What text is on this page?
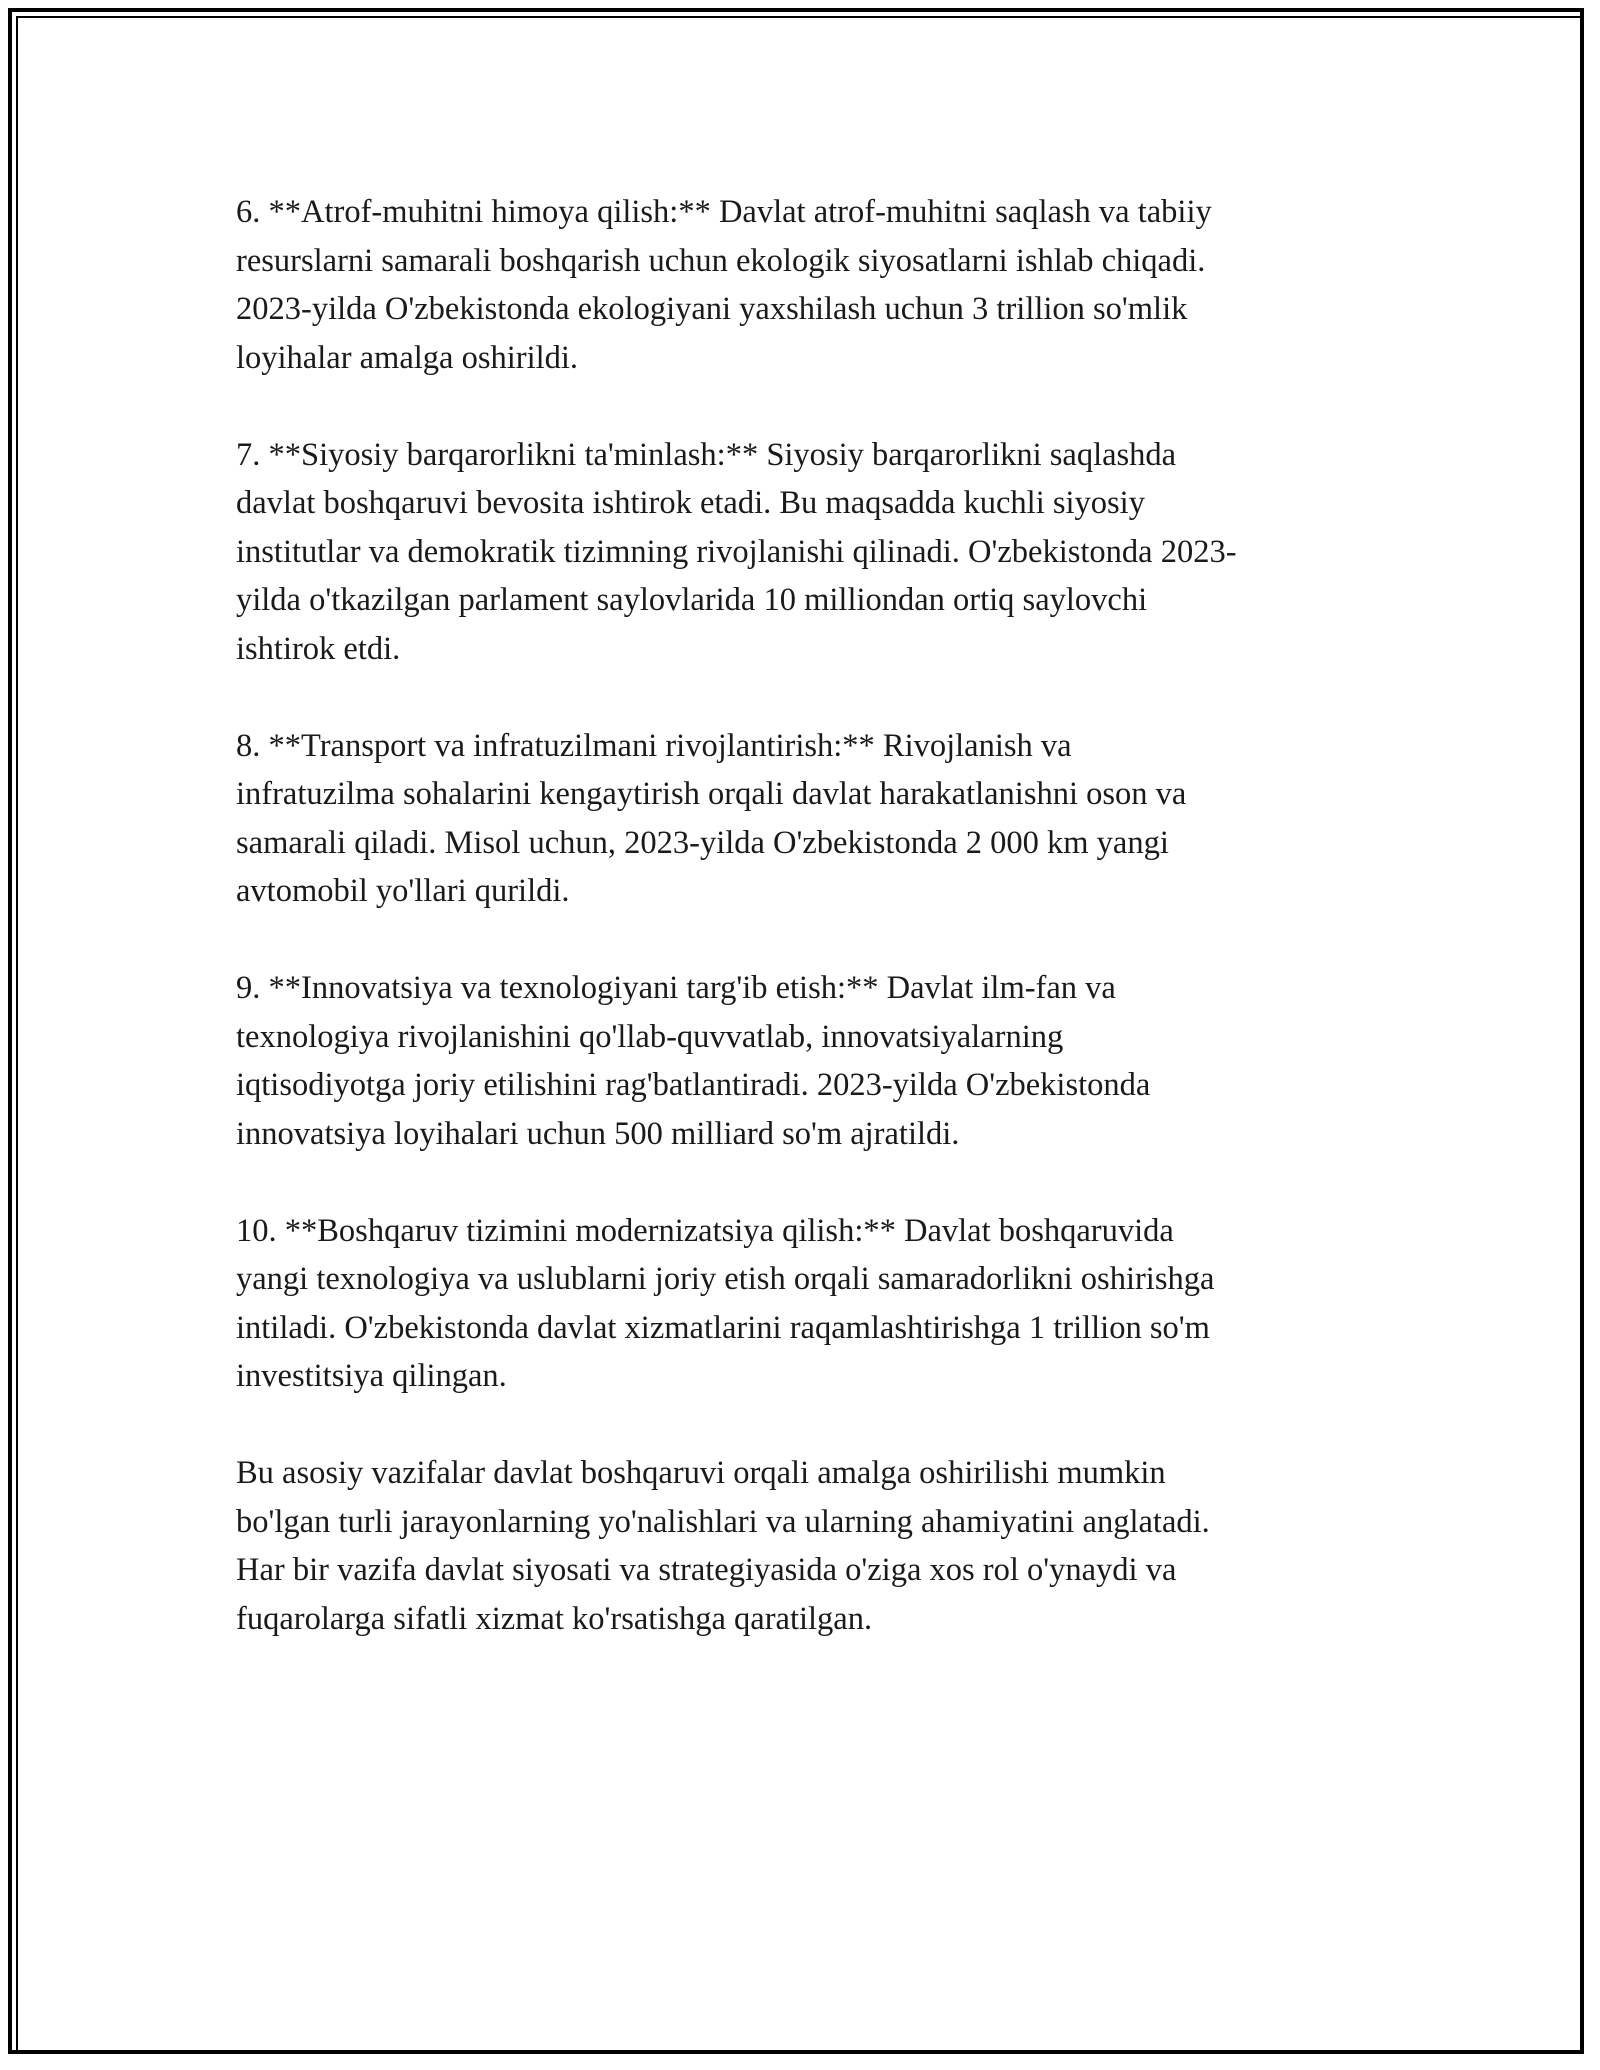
6. **Atrof-muhitni himoya qilish:** Davlat atrof-muhitni saqlash va tabiiy
resurslarni samarali boshqarish uchun ekologik siyosatlarni ishlab chiqadi.
2023-yilda O'zbekistonda ekologiyani yaxshilash uchun 3 trillion so'mlik
loyihalar amalga oshirildi.

7. **Siyosiy barqarorlikni ta'minlash:** Siyosiy barqarorlikni saqlashda
davlat boshqaruvi bevosita ishtirok etadi. Bu maqsadda kuchli siyosiy
institutlar va demokratik tizimning rivojlanishi qilinadi. O'zbekistonda 2023-
yilda o'tkazilgan parlament saylovlarida 10 milliondan ortiq saylovchi
ishtirok etdi.

8. **Transport va infratuzilmani rivojlantirish:** Rivojlanish va
infratuzilma sohalarini kengaytirish orqali davlat harakatlanishni oson va
samarali qiladi. Misol uchun, 2023-yilda O'zbekistonda 2 000 km yangi
avtomobil yo'llari qurildi.

9. **Innovatsiya va texnologiyani targ'ib etish:** Davlat ilm-fan va
texnologiya rivojlanishini qo'llab-quvvatlab, innovatsiyalarning
iqtisodiyotga joriy etilishini rag'batlantiradi. 2023-yilda O'zbekistonda
innovatsiya loyihalari uchun 500 milliard so'm ajratildi.

10. **Boshqaruv tizimini modernizatsiya qilish:** Davlat boshqaruvida
yangi texnologiya va uslublarni joriy etish orqali samaradorlikni oshirishga
intiladi. O'zbekistonda davlat xizmatlarini raqamlashtirishga 1 trillion so'm
investitsiya qilingan.

Bu asosiy vazifalar davlat boshqaruvi orqali amalga oshirilishi mumkin
bo'lgan turli jarayonlarning yo'nalishlari va ularning ahamiyatini anglatadi.
Har bir vazifa davlat siyosati va strategiyasida o'ziga xos rol o'ynaydi va
fuqarolarga sifatli xizmat ko'rsatishga qaratilgan.
